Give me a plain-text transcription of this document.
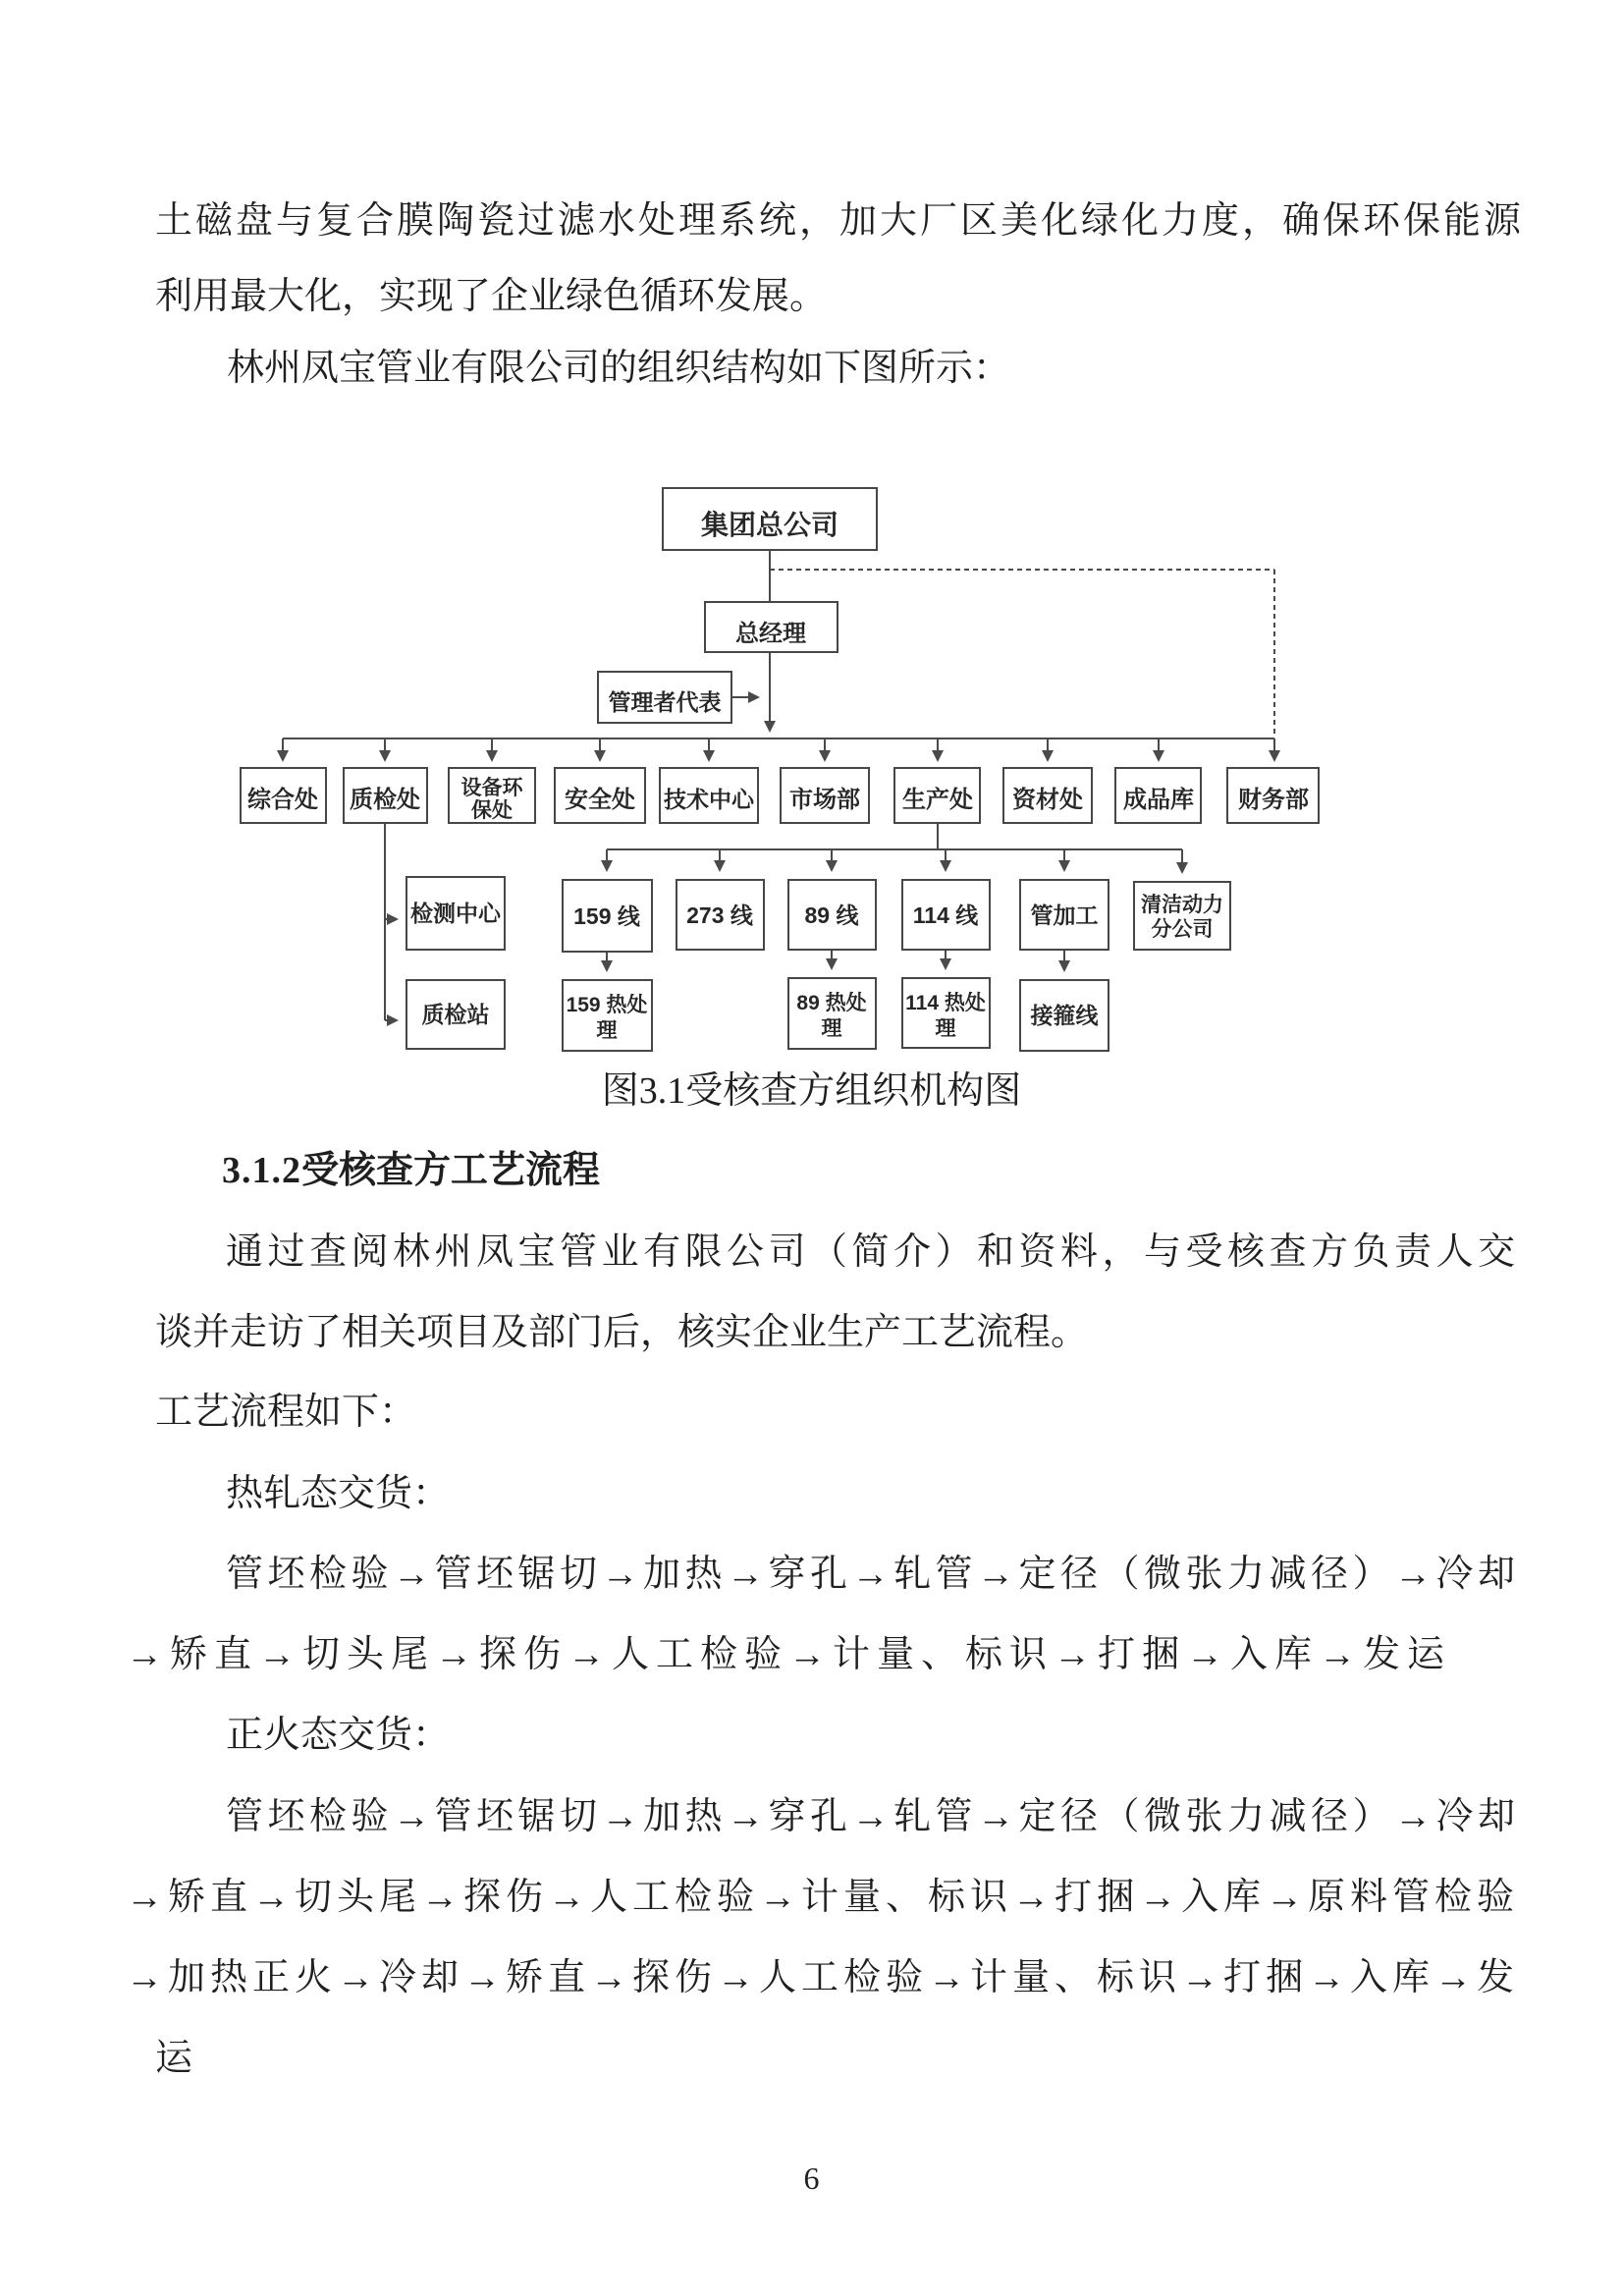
土磁盘与复合膜陶瓷过滤水处理系统，加大厂区美化绿化力度，确保环保能源
利用最大化，实现了企业绿色循环发展。
林州凤宝管业有限公司的组织结构如下图所示：
集团总公司
总经理
管理者代表
综合处 质检处 设备环
保处 安全处 技术中心 市场部 生产处 资材处 成品库 财务部
检测中心
质检站
159 线 273 线 89 线 114 线 管加工 清洁动力
分公司
159 热处
理
89 热处
理
114 热处
理
接箍线
图3.1受核查方组织机构图
3.1.2受核查方工艺流程
通过查阅林州凤宝管业有限公司（简介）和资料，与受核查方负责人交
谈并走访了相关项目及部门后，核实企业生产工艺流程。
工艺流程如下：
热轧态交货：
管坯检验→管坯锯切→加热→穿孔→轧管→定径（微张力减径）→冷却
→矫直→切头尾→探伤→人工检验→计量、标识→打捆→入库→发运
正火态交货：
管坯检验→管坯锯切→加热→穿孔→轧管→定径（微张力减径）→冷却
→矫直→切头尾→探伤→人工检验→计量、标识→打捆→入库→原料管检验
→加热正火→冷却→矫直→探伤→人工检验→计量、标识→打捆→入库→发
运
6
